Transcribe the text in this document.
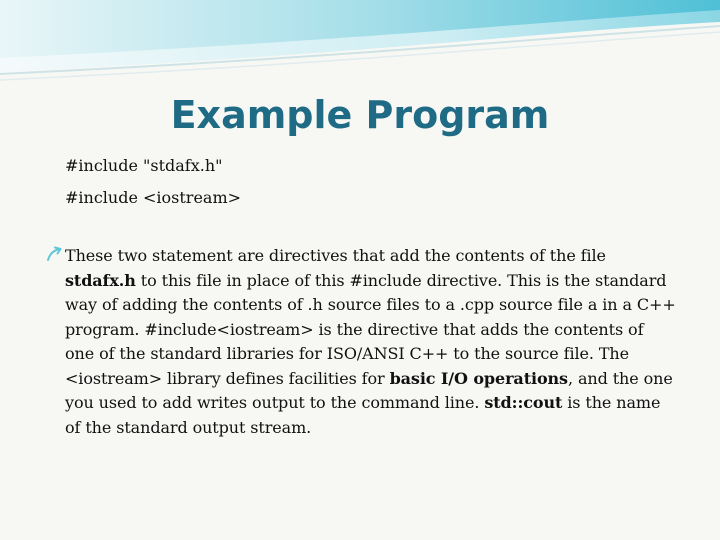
Example Program
#include "stdafx.h"
#include <iostream>

These two statement are directives that add the contents of the file stdafx.h to this file in place of this #include directive. This is the standard way of adding the contents of .h source files to a .cpp source file a in a C++ program. #include<iostream> is the directive that adds the contents of one of the standard libraries for ISO/ANSI C++ to the source file. The <iostream> library defines facilities for basic I/O operations, and the one you used to add writes output to the command line. std::cout is the name of the standard output stream.
